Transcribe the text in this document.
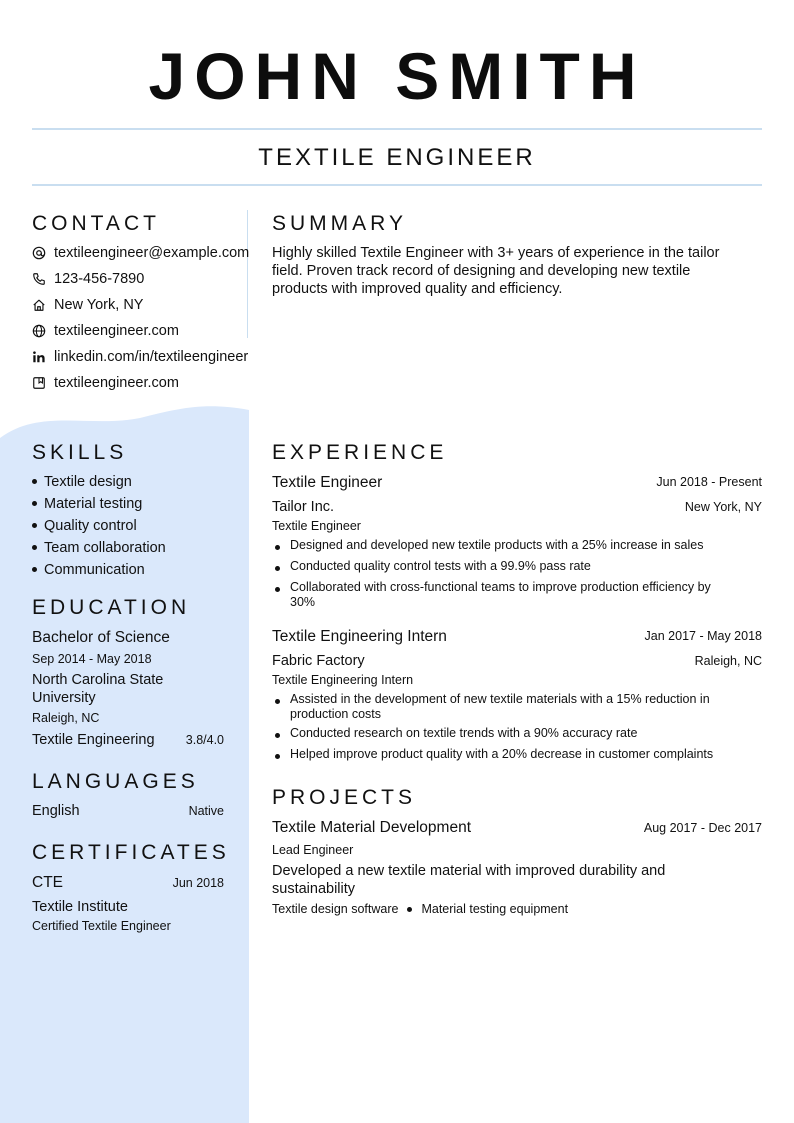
JOHN SMITH
TEXTILE ENGINEER
CONTACT
textileengineer@example.com
123-456-7890
New York, NY
textileengineer.com
linkedin.com/in/textileengineer
textileengineer.com
SUMMARY
Highly skilled Textile Engineer with 3+ years of experience in the tailor
field. Proven track record of designing and developing new textile
products with improved quality and efficiency.
SKILLS
Textile design
Material testing
Quality control
Team collaboration
Communication
EDUCATION
Bachelor of Science
Sep 2014 - May 2018
North Carolina State
University
Raleigh, NC
Textile Engineering	3.8/4.0
LANGUAGES
English	Native
CERTIFICATES
CTE	Jun 2018
Textile Institute
Certified Textile Engineer
EXPERIENCE
Textile Engineer	Jun 2018 - Present
Tailor Inc.	New York, NY
Textile Engineer
Designed and developed new textile products with a 25% increase in sales
Conducted quality control tests with a 99.9% pass rate
Collaborated with cross-functional teams to improve production efficiency by
30%
Textile Engineering Intern	Jan 2017 - May 2018
Fabric Factory	Raleigh, NC
Textile Engineering Intern
Assisted in the development of new textile materials with a 15% reduction in
production costs
Conducted research on textile trends with a 90% accuracy rate
Helped improve product quality with a 20% decrease in customer complaints
PROJECTS
Textile Material Development	Aug 2017 - Dec 2017
Lead Engineer
Developed a new textile material with improved durability and
sustainability
Textile design software Material testing equipment
